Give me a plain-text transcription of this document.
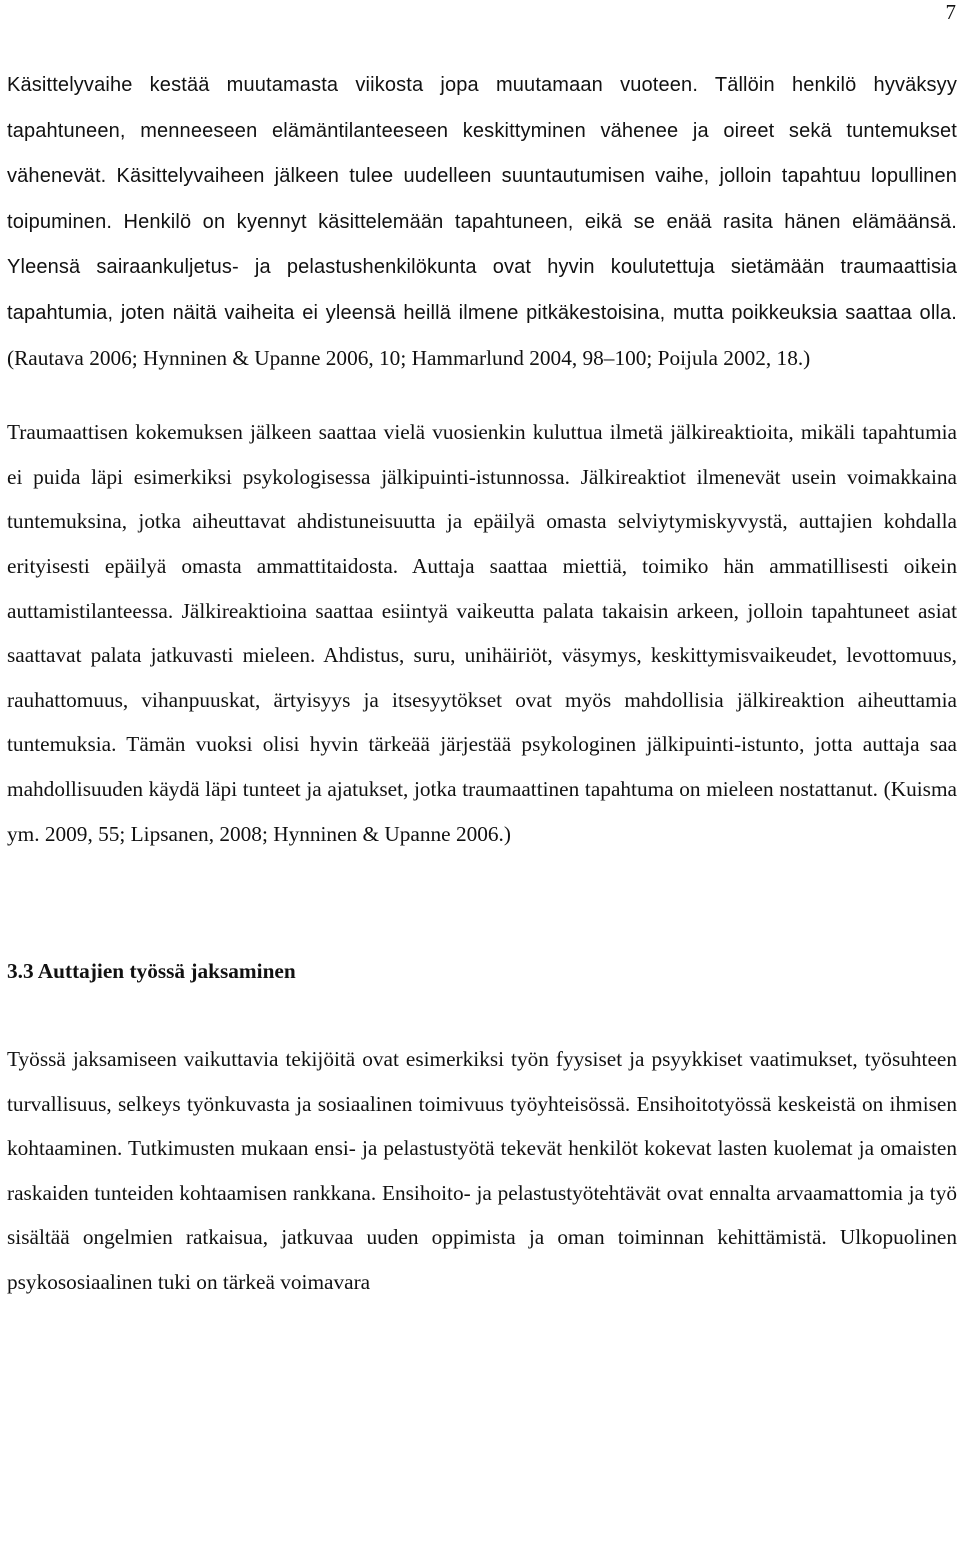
7

Käsittelyvaihe kestää muutamasta viikosta jopa muutamaan vuoteen. Tällöin henkilö hyväksyy tapahtuneen, menneeseen elämäntilanteeseen keskittyminen vähenee ja oireet sekä tuntemukset vähenevät. Käsittelyvaiheen jälkeen tulee uudelleen suuntautumisen vaihe, jolloin tapahtuu lopullinen toipuminen. Henkilö on kyennyt käsittelemään tapahtuneen, eikä se enää rasita hänen elämäänsä. Yleensä sairaankuljetus- ja pelastushenkilökunta ovat hyvin koulutettuja sietämään traumaattisia tapahtumia, joten näitä vaiheita ei yleensä heillä ilmene pitkäkestoisina, mutta poikkeuksia saattaa olla. (Rautava 2006; Hynninen & Upanne 2006, 10; Hammarlund 2004, 98–100; Poijula 2002, 18.)

Traumaattisen kokemuksen jälkeen saattaa vielä vuosienkin kuluttua ilmetä jälkireaktioita, mikäli tapahtumia ei puida läpi esimerkiksi psykologisessa jälkipuinti-istunnossa. Jälkireaktiot ilmenevät usein voimakkaina tuntemuksina, jotka aiheuttavat ahdistuneisuutta ja epäilyä omasta selviytymiskyvystä, auttajien kohdalla erityisesti epäilyä omasta ammattitaidosta. Auttaja saattaa miettiä, toimiko hän ammatillisesti oikein auttamistilanteessa. Jälkireaktioina saattaa esiintyä vaikeutta palata takaisin arkeen, jolloin tapahtuneet asiat saattavat palata jatkuvasti mieleen. Ahdistus, suru, unihäiriöt, väsymys, keskittymisvaikeudet, levottomuus, rauhattomuus, vihanpuuskat, ärtyisyys ja itsesyytökset ovat myös mahdollisia jälkireaktion aiheuttamia tuntemuksia. Tämän vuoksi olisi hyvin tärkeää järjestää psykologinen jälkipuinti-istunto, jotta auttaja saa mahdollisuuden käydä läpi tunteet ja ajatukset, jotka traumaattinen tapahtuma on mieleen nostattanut. (Kuisma ym. 2009, 55; Lipsanen, 2008; Hynninen & Upanne 2006.)

3.3 Auttajien työssä jaksaminen

Työssä jaksamiseen vaikuttavia tekijöitä ovat esimerkiksi työn fyysiset ja psyykkiset vaatimukset, työsuhteen turvallisuus, selkeys työnkuvasta ja sosiaalinen toimivuus työyhteisössä. Ensihoitotyössä keskeistä on ihmisen kohtaaminen. Tutkimusten mukaan ensi- ja pelastustyötä tekevät henkilöt kokevat lasten kuolemat ja omaisten raskaiden tunteiden kohtaamisen rankkana. Ensihoito- ja pelastustyötehtävät ovat ennalta arvaamattomia ja työ sisältää ongelmien ratkaisua, jatkuvaa uuden oppimista ja oman toiminnan kehittämistä. Ulkopuolinen psykososiaalinen tuki on tärkeä voimavara
